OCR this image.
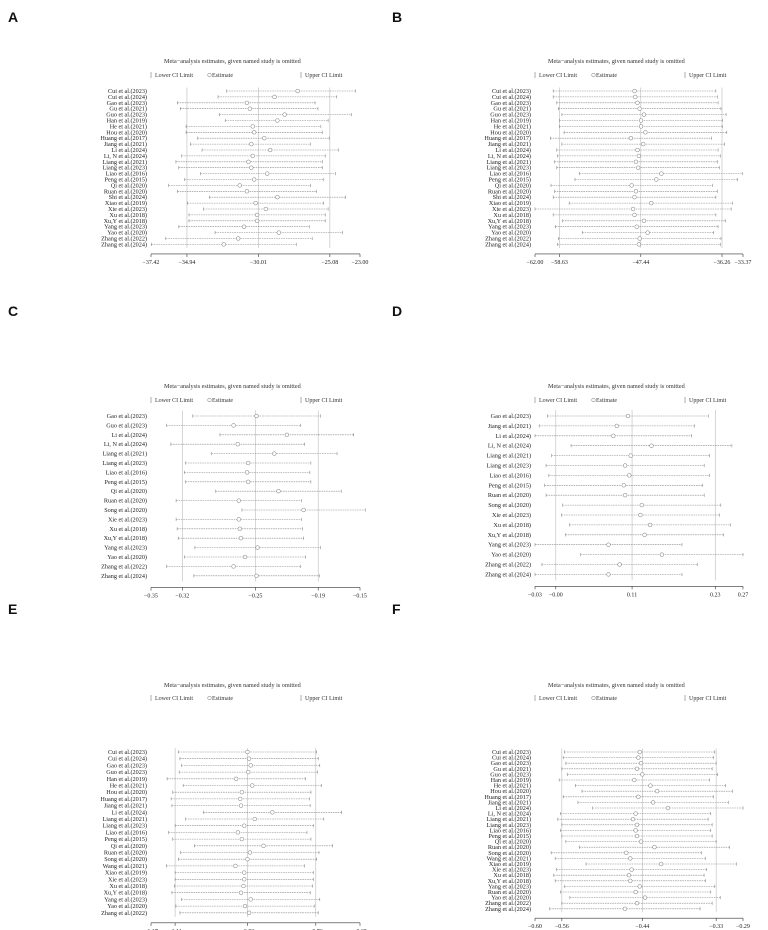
A
Meta−analysis estimates, given named study is omitted
Lower CI Limit	Estimate	Upper CI Limit
Cui et al.(2023)
Cui et al.(2024)
Gao et al.(2023)
Gu et al.(2021)
Guo et al.(2023)
Han et al.(2019)
He et al.(2021)
Hou et al.(2020)
Huang et al.(2017)
Jiang et al.(2021)
Li et al.(2024)
Li, N et al.(2024)
Liang et al.(2021)
Liang et al.(2023)
Liao et al.(2016)
Peng et al.(2015)
Qi et al.(2020)
Ruan et al.(2020)
Shi et al.(2024)
Xiao et al.(2019)
Xie et al.(2023)
Xu et al.(2018)
Xu,Y et al.(2018)
Yang et al.(2023)
Yao et al.(2020)
Zhang et al.(2022)
Zhang et al.(2024)
−37.42	−34.94	−30.01	−25.08 −23.00
B
Meta−analysis estimates, given named study is omitted
Lower CI Limit	Estimate	Upper CI Limit
Cui et al.(2023)
Cui et al.(2024)
Gao et al.(2023)
Gu et al.(2021)
Guo et al.(2023)
Han et al.(2019)
He et al.(2021)
Hou et al.(2020)
Huang et al.(2017)
Jiang et al.(2021)
Li et al.(2024)
Li, N et al.(2024)
Liang et al.(2021)
Liang et al.(2023)
Liao et al.(2016)
Peng et al.(2015)
Qi et al.(2020)
Ruan et al.(2020)
Shi et al.(2024)
Xiao et al.(2019)
Xie et al.(2023)
Xu et al.(2018)
Xu,Y et al.(2018)
Yang et al.(2023)
Yao et al.(2020)
Zhang et al.(2022)
Zhang et al.(2024)
−62.00 −58.63	−47.44	−36.26 −33.37
C
Meta−analysis estimates, given named study is omitted
Lower CI Limit	Estimate	Upper CI Limit
Gao et al.(2023)
Guo et al.(2023)
Li et al.(2024)
Li, N et al.(2024)
Liang et al.(2021)
Liang et al.(2023)
Liao et al.(2016)
Peng et al.(2015)
Qi et al.(2020)
Ruan et al.(2020)
Song et al.(2020)
Xie et al.(2023)
Xu et al.(2018)
Xu,Y et al.(2018)
Yang et al.(2023)
Yao et al.(2020)
Zhang et al.(2022)
Zhang et al.(2024)
−0.35	−0.32	−0.25	−0.19	−0.15
D
Meta−analysis estimates, given named study is omitted
Lower CI Limit	Estimate	Upper CI Limit
Gao et al.(2023)
Jiang et al.(2021)
Li et al.(2024)
Li, N et al.(2024)
Liang et al.(2021)
Liang et al.(2023)
Liao et al.(2016)
Peng et al.(2015)
Ruan et al.(2020)
Song et al.(2020)
Xie et al.(2023)
Xu et al.(2018)
Xu,Y et al.(2018)
Yang et al.(2023)
Yao et al.(2020)
Zhang et al.(2022)
Zhang et al.(2024)
−0.03 −0.00	0.11	0.23	0.27
E
Meta−analysis estimates, given named study is omitted
Lower CI Limit	Estimate	Upper CI Limit
Cui et al.(2023)
Cui et al.(2024)
Gao et al.(2023)
Guo et al.(2023)
Han et al.(2019)
He et al.(2021)
Hou et al.(2020)
Huang et al.(2017)
Jiang et al.(2021)
Li et al.(2024)
Liang et al.(2021)
Liang et al.(2023)
Liao et al.(2016)
Peng et al.(2015)
Qi et al.(2020)
Ruan et al.(2020)
Song et al.(2020)
Wang et al.(2021)
Xiao et al.(2019)
Xie et al.(2023)
Xu et al.(2018)
Xu,Y et al.(2018)
Yang et al.(2023)
Yao et al.(2020)
Zhang et al.(2022)
F
Meta−analysis estimates, given named study is omitted
Lower CI Limit	Estimate	Upper CI Limit
Cui et al.(2023)
Cui et al.(2024)
Gao et al.(2023)
Gu et al.(2021)
Guo et al.(2023)
Han et al.(2019)
He et al.(2021)
Hou et al.(2020)
Huang et al.(2017)
Jiang et al.(2021)
Li et al.(2024)
Li, N et al.(2024)
Liang et al.(2021)
Liang et al.(2023)
Liao et al.(2016)
Peng et al.(2015)
Qi et al.(2020)
Ruan et al.(2020)
Song et al.(2020)
Wang et al.(2021)
Xiao et al.(2019)
Xie et al.(2023)
Xu et al.(2018)
Xu,Y et al.(2018)
Yang et al.(2023)
Ruan et al.(2020)
Yao et al.(2020)
Zhang et al.(2022)
Zhang et al.(2024)
−0.60 −0.56	−0.44	−0.33 −0.29
